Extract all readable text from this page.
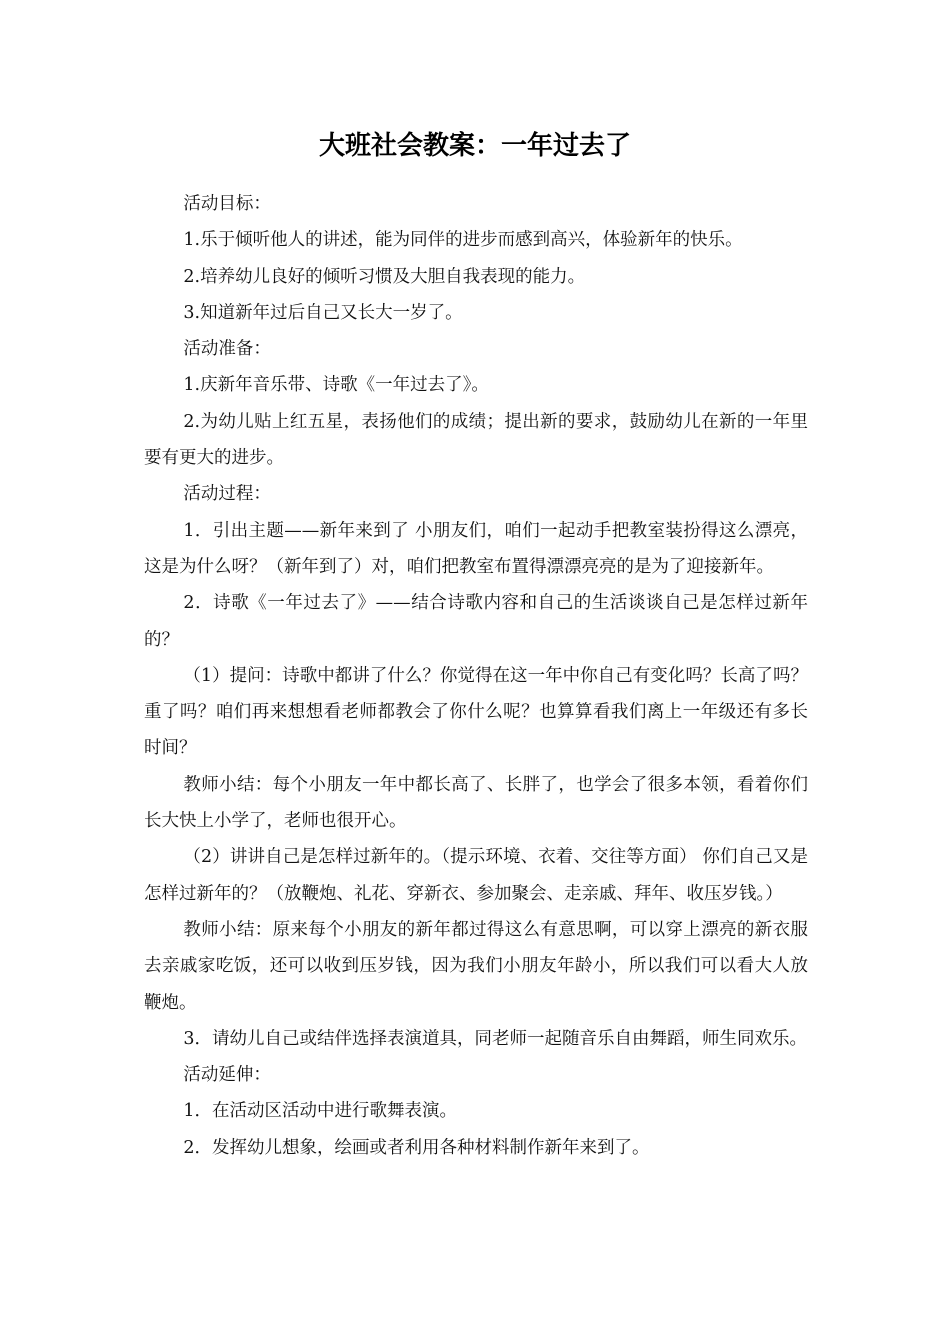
大班社会教案：一年过去了

活动目标：

1.乐于倾听他人的讲述，能为同伴的进步而感到高兴，体验新年的快乐。

2.培养幼儿良好的倾听习惯及大胆自我表现的能力。

3.知道新年过后自己又长大一岁了。

活动准备：

1.庆新年音乐带、诗歌《一年过去了》。

2.为幼儿贴上红五星，表扬他们的成绩；提出新的要求，鼓励幼儿在新的一年里要有更大的进步。

活动过程：

1．引出主题——新年来到了 小朋友们，咱们一起动手把教室装扮得这么漂亮，这是为什么呀？（新年到了）对，咱们把教室布置得漂漂亮亮的是为了迎接新年。

2．诗歌《一年过去了》——结合诗歌内容和自己的生活谈谈自己是怎样过新年的？

（1）提问：诗歌中都讲了什么？你觉得在这一年中你自己有变化吗？长高了吗？重了吗？咱们再来想想看老师都教会了你什么呢？也算算看我们离上一年级还有多长时间？

教师小结：每个小朋友一年中都长高了、长胖了，也学会了很多本领，看着你们长大快上小学了，老师也很开心。

（2）讲讲自己是怎样过新年的。（提示环境、衣着、交往等方面） 你们自己又是怎样过新年的？（放鞭炮、礼花、穿新衣、参加聚会、走亲戚、拜年、收压岁钱。）

教师小结：原来每个小朋友的新年都过得这么有意思啊，可以穿上漂亮的新衣服去亲戚家吃饭，还可以收到压岁钱，因为我们小朋友年龄小，所以我们可以看大人放鞭炮。

3．请幼儿自己或结伴选择表演道具，同老师一起随音乐自由舞蹈，师生同欢乐。

活动延伸：

1．在活动区活动中进行歌舞表演。

2．发挥幼儿想象，绘画或者利用各种材料制作新年来到了。
